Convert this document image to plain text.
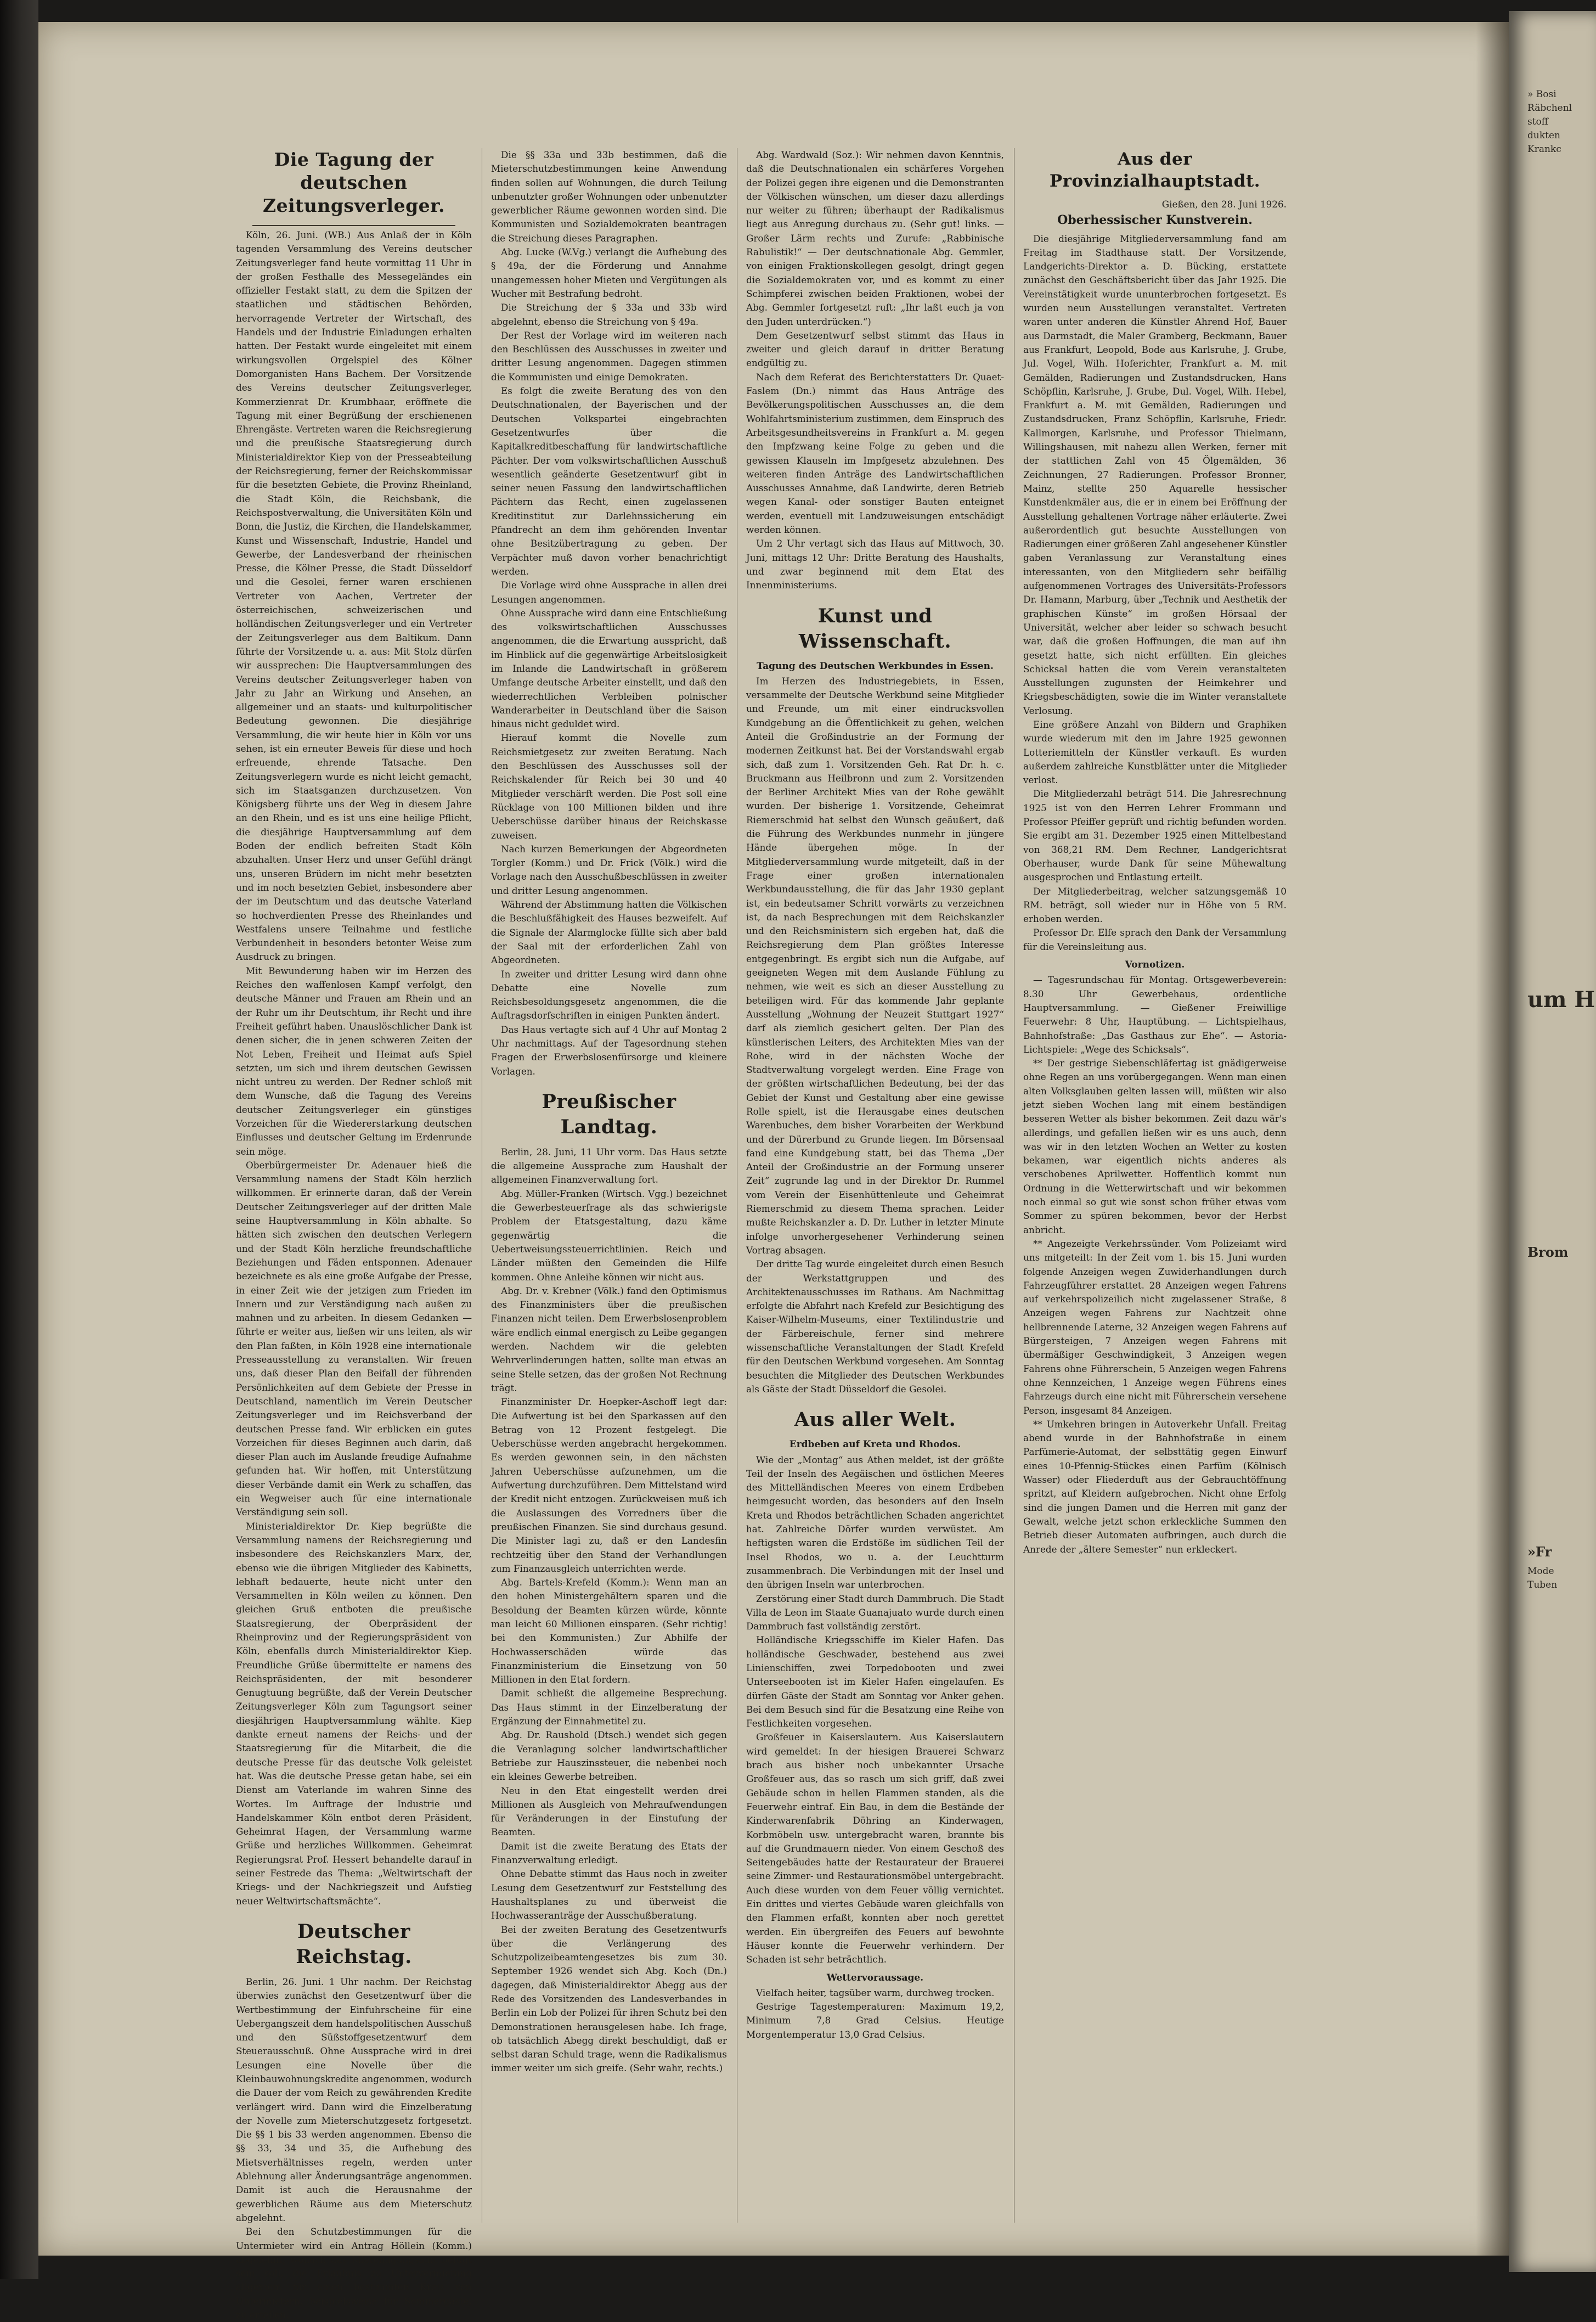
Die Tagung der deutschen Zeitungsverleger.

Köln, 26. Juni. (WB.) Aus Anlaß der in Köln tagenden Versammlung des Vereins deutscher Zeitungsverleger fand heute vormittag 11 Uhr in der großen Festhalle des Messegeländes ein offizieller Festakt statt, zu dem die Spitzen der staatlichen und städtischen Behörden, hervorragende Vertreter der Wirtschaft, des Handels und der Industrie Einladungen erhalten hatten. Der Festakt wurde eingeleitet mit einem wirkungsvollen Orgelspiel des Kölner Domorganisten Hans Bachem. Der Vorsitzende des Vereins deutscher Zeitungsverleger, Kommerzienrat Dr. Krumbhaar, eröffnete die Tagung mit einer Begrüßung der erschienenen Ehrengäste. Vertreten waren die Reichsregierung und die preußische Staatsregierung durch Ministerialdirektor Kiep von der Presseabteilung der Reichsregierung, ferner der Reichskommissar für die besetzten Gebiete, die Provinz Rheinland, die Stadt Köln, die Reichsbank, die Reichspostverwaltung, die Universitäten Köln und Bonn, die Justiz, die Kirchen, die Handelskammer, Kunst und Wissenschaft, Industrie, Handel und Gewerbe, der Landesverband der rheinischen Presse, die Kölner Presse, die Stadt Düsseldorf und die Gesolei, ferner waren erschienen Vertreter von Aachen, Vertreter der österreichischen, schweizerischen und holländischen Zeitungsverleger und ein Vertreter der Zeitungsverleger aus dem Baltikum. Dann führte der Vorsitzende u. a. aus: Mit Stolz dürfen wir aussprechen: Die Hauptversammlungen des Vereins deutscher Zeitungsverleger haben von Jahr zu Jahr an Wirkung und Ansehen, an allgemeiner und an staats- und kulturpolitischer Bedeutung gewonnen. Die diesjährige Versammlung, die wir heute hier in Köln vor uns sehen, ist ein erneuter Beweis für diese und hoch erfreuende, ehrende Tatsache. Den Zeitungsverlegern wurde es nicht leicht gemacht, sich im Staatsganzen durchzusetzen. Von Königsberg führte uns der Weg in diesem Jahre an den Rhein, und es ist uns eine heilige Pflicht, die diesjährige Hauptversammlung auf dem Boden der endlich befreiten Stadt Köln abzuhalten. Unser Herz und unser Gefühl drängt uns, unseren Brüdern im nicht mehr besetzten und im noch besetzten Gebiet, insbesondere aber der im Deutschtum und das deutsche Vaterland so hochverdienten Presse des Rheinlandes und Westfalens unsere Teilnahme und festliche Verbundenheit in besonders betonter Weise zum Ausdruck zu bringen.

Mit Bewunderung haben wir im Herzen des Reiches den waffenlosen Kampf verfolgt, den deutsche Männer und Frauen am Rhein und an der Ruhr um ihr Deutschtum, ihr Recht und ihre Freiheit geführt haben. Unauslöschlicher Dank ist denen sicher, die in jenen schweren Zeiten der Not Leben, Freiheit und Heimat aufs Spiel setzten, um sich und ihrem deutschen Gewissen nicht untreu zu werden. Der Redner schloß mit dem Wunsche, daß die Tagung des Vereins deutscher Zeitungsverleger ein günstiges Vorzeichen für die Wiedererstarkung deutschen Einflusses und deutscher Geltung im Erdenrunde sein möge.

Oberbürgermeister Dr. Adenauer hieß die Versammlung namens der Stadt Köln herzlich willkommen. Er erinnerte daran, daß der Verein Deutscher Zeitungsverleger auf der dritten Male seine Hauptversammlung in Köln abhalte. So hätten sich zwischen den deutschen Verlegern und der Stadt Köln herzliche freundschaftliche Beziehungen und Fäden entsponnen. Adenauer bezeichnete es als eine große Aufgabe der Presse, in einer Zeit wie der jetzigen zum Frieden im Innern und zur Verständigung nach außen zu mahnen und zu arbeiten. In diesem Gedanken — führte er weiter aus, ließen wir uns leiten, als wir den Plan faßten, in Köln 1928 eine internationale Presseausstellung zu veranstalten. Wir freuen uns, daß dieser Plan den Beifall der führenden Persönlichkeiten auf dem Gebiete der Presse in Deutschland, namentlich im Verein Deutscher Zeitungsverleger und im Reichsverband der deutschen Presse fand. Wir erblicken ein gutes Vorzeichen für dieses Beginnen auch darin, daß dieser Plan auch im Auslande freudige Aufnahme gefunden hat. Wir hoffen, mit Unterstützung dieser Verbände damit ein Werk zu schaffen, das ein Wegweiser auch für eine internationale Verständigung sein soll.

Ministerialdirektor Dr. Kiep begrüßte die Versammlung namens der Reichsregierung und insbesondere des Reichskanzlers Marx, der, ebenso wie die übrigen Mitglieder des Kabinetts, lebhaft bedauerte, heute nicht unter den Versammelten in Köln weilen zu können. Den gleichen Gruß entboten die preußische Staatsregierung, der Oberpräsident der Rheinprovinz und der Regierungspräsident von Köln, ebenfalls durch Ministerialdirektor Kiep. Freundliche Grüße übermittelte er namens des Reichspräsidenten, der mit besonderer Genugtuung begrüßte, daß der Verein Deutscher Zeitungsverleger Köln zum Tagungsort seiner diesjährigen Hauptversammlung wählte. Kiep dankte erneut namens der Reichs- und der Staatsregierung für die Mitarbeit, die die deutsche Presse für das deutsche Volk geleistet hat. Was die deutsche Presse getan habe, sei ein Dienst am Vaterlande im wahren Sinne des Wortes. Im Auftrage der Industrie und Handelskammer Köln entbot deren Präsident, Geheimrat Hagen, der Versammlung warme Grüße und herzliches Willkommen. Geheimrat Regierungsrat Prof. Hessert behandelte darauf in seiner Festrede das Thema: „Weltwirtschaft der Kriegs- und der Nachkriegszeit und Aufstieg neuer Weltwirtschaftsmächte“.

Deutscher Reichstag.

Berlin, 26. Juni. 1 Uhr nachm. Der Reichstag überwies zunächst den Gesetzentwurf über die Wertbestimmung der Einfuhrscheine für eine Uebergangszeit dem handelspolitischen Ausschuß und den Süßstoffgesetzentwurf dem Steuerausschuß. Ohne Aussprache wird in drei Lesungen eine Novelle über die Kleinbauwohnungskredite angenommen, wodurch die Dauer der vom Reich zu gewährenden Kredite verlängert wird. Dann wird die Einzelberatung der Novelle zum Mieterschutzgesetz fortgesetzt. Die §§ 1 bis 33 werden angenommen. Ebenso die §§ 33, 34 und 35, die Aufhebung des Mietsverhältnisses regeln, werden unter Ablehnung aller Änderungsanträge angenommen. Damit ist auch die Herausnahme der gewerblichen Räume aus dem Mieterschutz abgelehnt.

Bei den Schutzbestimmungen für die Untermieter wird ein Antrag Höllein (Komm.) abgelehnt, wonach das Mieteinigungsamt befugt sein soll, die Erlaubnis zu Untervermietung allgemein für einen bestimmten Kreis von Untermietern, beispielsweise für Sommergäste, zu erteilen.

Die §§ 33a und 33b bestimmen, daß die Mieterschutzbestimmungen keine Anwendung finden sollen auf Wohnungen, die durch Teilung unbenutzter großer Wohnungen oder unbenutzter gewerblicher Räume gewonnen worden sind. Die Kommunisten und Sozialdemokraten beantragen die Streichung dieses Paragraphen.

Abg. Lucke (W.Vg.) verlangt die Aufhebung des § 49a, der die Förderung und Annahme unangemessen hoher Mieten und Vergütungen als Wucher mit Bestrafung bedroht.

Die Streichung der § 33a und 33b wird abgelehnt, ebenso die Streichung von § 49a.

Der Rest der Vorlage wird im weiteren nach den Beschlüssen des Ausschusses in zweiter und dritter Lesung angenommen. Dagegen stimmen die Kommunisten und einige Demokraten.

Es folgt die zweite Beratung des von den Deutschnationalen, der Bayerischen und der Deutschen Volkspartei eingebrachten Gesetzentwurfes über die Kapitalkreditbeschaffung für landwirtschaftliche Pächter. Der vom volkswirtschaftlichen Ausschuß wesentlich geänderte Gesetzentwurf gibt in seiner neuen Fassung den landwirtschaftlichen Pächtern das Recht, einen zugelassenen Kreditinstitut zur Darlehnssicherung ein Pfandrecht an dem ihm gehörenden Inventar ohne Besitzübertragung zu geben. Der Verpächter muß davon vorher benachrichtigt werden.

Die Vorlage wird ohne Aussprache in allen drei Lesungen angenommen.

Ohne Aussprache wird dann eine Entschließung des volkswirtschaftlichen Ausschusses angenommen, die die Erwartung ausspricht, daß im Hinblick auf die gegenwärtige Arbeitslosigkeit im Inlande die Landwirtschaft in größerem Umfange deutsche Arbeiter einstellt, und daß den wiederrechtlichen Verbleiben polnischer Wanderarbeiter in Deutschland über die Saison hinaus nicht geduldet wird.

Hierauf kommt die Novelle zum Reichsmietgesetz zur zweiten Beratung. Nach den Beschlüssen des Ausschusses soll der Reichskalender für Reich bei 30 und 40 Mitglieder verschärft werden. Die Post soll eine Rücklage von 100 Millionen bilden und ihre Ueberschüsse darüber hinaus der Reichskasse zuweisen.

Nach kurzen Bemerkungen der Abgeordneten Torgler (Komm.) und Dr. Frick (Völk.) wird die Vorlage nach den Ausschußbeschlüssen in zweiter und dritter Lesung angenommen.

Während der Abstimmung hatten die Völkischen die Beschlußfähigkeit des Hauses bezweifelt. Auf die Signale der Alarmglocke füllte sich aber bald der Saal mit der erforderlichen Zahl von Abgeordneten.

In zweiter und dritter Lesung wird dann ohne Debatte eine Novelle zum Reichsbesoldungsgesetz angenommen, die die Auftragsdorfschriften in einigen Punkten ändert.

Das Haus vertagte sich auf 4 Uhr auf Montag 2 Uhr nachmittags. Auf der Tagesordnung stehen Fragen der Erwerbslosenfürsorge und kleinere Vorlagen.

Preußischer Landtag.

Berlin, 28. Juni, 11 Uhr vorm. Das Haus setzte die allgemeine Aussprache zum Haushalt der allgemeinen Finanzverwaltung fort.

Abg. Müller-Franken (Wirtsch. Vgg.) bezeichnet die Gewerbesteuerfrage als das schwierigste Problem der Etatsgestaltung, dazu käme gegenwärtig die Uebertweisungssteuerrichtlinien. Reich und Länder müßten den Gemeinden die Hilfe kommen. Ohne Anleihe können wir nicht aus.

Abg. Dr. v. Krebner (Völk.) fand den Optimismus des Finanzministers über die preußischen Finanzen nicht teilen. Dem Erwerbslosenproblem wäre endlich einmal energisch zu Leibe gegangen werden. Nachdem wir die gelebten Wehrverlinderungen hatten, sollte man etwas an seine Stelle setzen, das der großen Not Rechnung trägt.

Finanzminister Dr. Hoepker-Aschoff legt dar: Die Aufwertung ist bei den Sparkassen auf den Betrag von 12 Prozent festgelegt. Die Ueberschüsse werden angebracht hergekommen. Es werden gewonnen sein, in den nächsten Jahren Ueberschüsse aufzunehmen, um die Aufwertung durchzuführen. Dem Mittelstand wird der Kredit nicht entzogen. Zurückweisen muß ich die Auslassungen des Vorredners über die preußischen Finanzen. Sie sind durchaus gesund. Die Minister lagi zu, daß er den Landesfin rechtzeitig über den Stand der Verhandlungen zum Finanzausgleich unterrichten werde.

Abg. Bartels-Krefeld (Komm.): Wenn man an den hohen Ministergehältern sparen und die Besoldung der Beamten kürzen würde, könnte man leicht 60 Millionen einsparen. (Sehr richtig! bei den Kommunisten.) Zur Abhilfe der Hochwasserschäden würde das Finanzministerium die Einsetzung von 50 Millionen in den Etat fordern.

Damit schließt die allgemeine Besprechung. Das Haus stimmt in der Einzelberatung der Ergänzung der Einnahmetitel zu.

Abg. Dr. Raushold (Dtsch.) wendet sich gegen die Veranlagung solcher landwirtschaftlicher Betriebe zur Hauszinssteuer, die nebenbei noch ein kleines Gewerbe betreiben.

Neu in den Etat eingestellt werden drei Millionen als Ausgleich von Mehraufwendungen für Veränderungen in der Einstufung der Beamten.

Damit ist die zweite Beratung des Etats der Finanzverwaltung erledigt.

Ohne Debatte stimmt das Haus noch in zweiter Lesung dem Gesetzentwurf zur Feststellung des Haushaltsplanes zu und überweist die Hochwasseranträge der Ausschußberatung.

Bei der zweiten Beratung des Gesetzentwurfs über die Verlängerung des Schutzpolizeibeamtengesetzes bis zum 30. September 1926 wendet sich Abg. Koch (Dn.) dagegen, daß Ministerialdirektor Abegg aus der Rede des Vorsitzenden des Landesverbandes in Berlin ein Lob der Polizei für ihren Schutz bei den Demonstrationen herausgelesen habe. Ich frage, ob tatsächlich Abegg direkt beschuldigt, daß er selbst daran Schuld trage, wenn die Radikalismus immer weiter um sich greife. (Sehr wahr, rechts.)

Abg. Wardwald (Soz.): Wir nehmen davon Kenntnis, daß die Deutschnationalen ein schärferes Vorgehen der Polizei gegen ihre eigenen und die Demonstranten der Völkischen wünschen, um dieser dazu allerdings nur weiter zu führen; überhaupt der Radikalismus liegt aus Anregung durchaus zu. (Sehr gut! links. — Großer Lärm rechts und Zurufe: „Rabbinische Rabulistik!“ — Der deutschnationale Abg. Gemmler, von einigen Fraktionskollegen gesolgt, dringt gegen die Sozialdemokraten vor, und es kommt zu einer Schimpferei zwischen beiden Fraktionen, wobei der Abg. Gemmler fortgesetzt ruft: „Ihr laßt euch ja von den Juden unterdrücken.“)

Dem Gesetzentwurf selbst stimmt das Haus in zweiter und gleich darauf in dritter Beratung endgültig zu.

Nach dem Referat des Berichterstatters Dr. Quaet-Faslem (Dn.) nimmt das Haus Anträge des Bevölkerungspolitischen Ausschusses an, die dem Wohlfahrtsministerium zustimmen, dem Einspruch des Arbeitsgesundheitsvereins in Frankfurt a. M. gegen den Impfzwang keine Folge zu geben und die gewissen Klauseln im Impfgesetz abzulehnen. Des weiteren finden Anträge des Landwirtschaftlichen Ausschusses Annahme, daß Landwirte, deren Betrieb wegen Kanal- oder sonstiger Bauten enteignet werden, eventuell mit Landzuweisungen entschädigt werden können.

Um 2 Uhr vertagt sich das Haus auf Mittwoch, 30. Juni, mittags 12 Uhr: Dritte Beratung des Haushalts, und zwar beginnend mit dem Etat des Innenministeriums.

Kunst und Wissenschaft.
Tagung des Deutschen Werkbundes in Essen.

Im Herzen des Industriegebiets, in Essen, versammelte der Deutsche Werkbund seine Mitglieder und Freunde, um mit einer eindrucksvollen Kundgebung an die Öffentlichkeit zu gehen, welchen Anteil die Großindustrie an der Formung der modernen Zeitkunst hat. Bei der Vorstandswahl ergab sich, daß zum 1. Vorsitzenden Geh. Rat Dr. h. c. Bruckmann aus Heilbronn und zum 2. Vorsitzenden der Berliner Architekt Mies van der Rohe gewählt wurden. Der bisherige 1. Vorsitzende, Geheimrat Riemerschmid hat selbst den Wunsch geäußert, daß die Führung des Werkbundes nunmehr in jüngere Hände übergehen möge. In der Mitgliederversammlung wurde mitgeteilt, daß in der Frage einer großen internationalen Werkbundausstellung, die für das Jahr 1930 geplant ist, ein bedeutsamer Schritt vorwärts zu verzeichnen ist, da nach Besprechungen mit dem Reichskanzler und den Reichsministern sich ergeben hat, daß die Reichsregierung dem Plan größtes Interesse entgegenbringt. Es ergibt sich nun die Aufgabe, auf geeigneten Wegen mit dem Auslande Fühlung zu nehmen, wie weit es sich an dieser Ausstellung zu beteiligen wird. Für das kommende Jahr geplante Ausstellung „Wohnung der Neuzeit Stuttgart 1927“ darf als ziemlich gesichert gelten. Der Plan des künstlerischen Leiters, des Architekten Mies van der Rohe, wird in der nächsten Woche der Stadtverwaltung vorgelegt werden. Eine Frage von der größten wirtschaftlichen Bedeutung, bei der das Gebiet der Kunst und Gestaltung aber eine gewisse Rolle spielt, ist die Herausgabe eines deutschen Warenbuches, dem bisher Vorarbeiten der Werkbund und der Dürerbund zu Grunde liegen. Im Börsensaal fand eine Kundgebung statt, bei das Thema „Der Anteil der Großindustrie an der Formung unserer Zeit“ zugrunde lag und in der Direktor Dr. Rummel vom Verein der Eisenhüttenleute und Geheimrat Riemerschmid zu diesem Thema sprachen. Leider mußte Reichskanzler a. D. Dr. Luther in letzter Minute infolge unvorhergesehener Verhinderung seinen Vortrag absagen.

Der dritte Tag wurde eingeleitet durch einen Besuch der Werkstattgruppen und des Architektenausschusses im Rathaus. Am Nachmittag erfolgte die Abfahrt nach Krefeld zur Besichtigung des Kaiser-Wilhelm-Museums, einer Textilindustrie und der Färbereischule, ferner sind mehrere wissenschaftliche Veranstaltungen der Stadt Krefeld für den Deutschen Werkbund vorgesehen. Am Sonntag besuchten die Mitglieder des Deutschen Werkbundes als Gäste der Stadt Düsseldorf die Gesolei.

Aus aller Welt.
Erdbeben auf Kreta und Rhodos.

Wie der „Montag“ aus Athen meldet, ist der größte Teil der Inseln des Aegäischen und östlichen Meeres des Mittelländischen Meeres von einem Erdbeben heimgesucht worden, das besonders auf den Inseln Kreta und Rhodos beträchtlichen Schaden angerichtet hat. Zahlreiche Dörfer wurden verwüstet. Am heftigsten waren die Erdstöße im südlichen Teil der Insel Rhodos, wo u. a. der Leuchtturm zusammenbrach. Die Verbindungen mit der Insel und den übrigen Inseln war unterbrochen.

Zerstörung einer Stadt durch Dammbruch. Die Stadt Villa de Leon im Staate Guanajuato wurde durch einen Dammbruch fast vollständig zerstört.

Holländische Kriegsschiffe im Kieler Hafen. Das holländische Geschwader, bestehend aus zwei Linienschiffen, zwei Torpedobooten und zwei Unterseebooten ist im Kieler Hafen eingelaufen. Es dürfen Gäste der Stadt am Sonntag vor Anker gehen. Bei dem Besuch sind für die Besatzung eine Reihe von Festlichkeiten vorgesehen.

Großfeuer in Kaiserslautern. Aus Kaiserslautern wird gemeldet: In der hiesigen Brauerei Schwarz brach aus bisher noch unbekannter Ursache Großfeuer aus, das so rasch um sich griff, daß zwei Gebäude schon in hellen Flammen standen, als die Feuerwehr eintraf. Ein Bau, in dem die Bestände der Kinderwarenfabrik Döhring an Kinderwagen, Korbmöbeln usw. untergebracht waren, brannte bis auf die Grundmauern nieder. Von einem Geschoß des Seitengebäudes hatte der Restaurateur der Brauerei seine Zimmer- und Restaurationsmöbel untergebracht. Auch diese wurden von dem Feuer völlig vernichtet. Ein drittes und viertes Gebäude waren gleichfalls von den Flammen erfaßt, konnten aber noch gerettet werden. Ein übergreifen des Feuers auf bewohnte Häuser konnte die Feuerwehr verhindern. Der Schaden ist sehr beträchtlich.

Wettervoraussage.

Vielfach heiter, tagsüber warm, durchweg trocken.

Gestrige Tagestemperaturen: Maximum 19,2, Minimum 7,8 Grad Celsius. Heutige Morgentemperatur 13,0 Grad Celsius.

Aus der Provinzialhauptstadt.
Gießen, den 28. Juni 1926.
Oberhessischer Kunstverein.

Die diesjährige Mitgliederversammlung fand am Freitag im Stadthause statt. Der Vorsitzende, Landgerichts-Direktor a. D. Bücking, erstattete zunächst den Geschäftsbericht über das Jahr 1925. Die Vereinstätigkeit wurde ununterbrochen fortgesetzt. Es wurden neun Ausstellungen veranstaltet. Vertreten waren unter anderen die Künstler Ahrend Hof, Bauer aus Darmstadt, die Maler Gramberg, Beckmann, Bauer aus Frankfurt, Leopold, Bode aus Karlsruhe, J. Grube, Jul. Vogel, Wilh. Hoferichter, Frankfurt a. M. mit Gemälden, Radierungen und Zustandsdrucken, Hans Schöpflin, Karlsruhe, J. Grube, Dul. Vogel, Wilh. Hebel, Frankfurt a. M. mit Gemälden, Radierungen und Zustandsdrucken, Franz Schöpflin, Karlsruhe, Friedr. Kallmorgen, Karlsruhe, und Professor Thielmann, Willingshausen, mit nahezu allen Werken, ferner mit der stattlichen Zahl von 45 Ölgemälden, 36 Zeichnungen, 27 Radierungen. Professor Bronner, Mainz, stellte 250 Aquarelle hessischer Kunstdenkmäler aus, die er in einem bei Eröffnung der Ausstellung gehaltenen Vortrage näher erläuterte. Zwei außerordentlich gut besuchte Ausstellungen von Radierungen einer größeren Zahl angesehener Künstler gaben Veranlassung zur Veranstaltung eines interessanten, von den Mitgliedern sehr beifällig aufgenommenen Vortrages des Universitäts-Professors Dr. Hamann, Marburg, über „Technik und Aesthetik der graphischen Künste“ im großen Hörsaal der Universität, welcher aber leider so schwach besucht war, daß die großen Hoffnungen, die man auf ihn gesetzt hatte, sich nicht erfüllten. Ein gleiches Schicksal hatten die vom Verein veranstalteten Ausstellungen zugunsten der Heimkehrer und Kriegsbeschädigten, sowie die im Winter veranstaltete Verlosung.

Eine größere Anzahl von Bildern und Graphiken wurde wiederum mit den im Jahre 1925 gewonnen Lotteriemitteln der Künstler verkauft. Es wurden außerdem zahlreiche Kunstblätter unter die Mitglieder verlost.

Die Mitgliederzahl beträgt 514. Die Jahresrechnung 1925 ist von den Herren Lehrer Frommann und Professor Pfeiffer geprüft und richtig befunden worden. Sie ergibt am 31. Dezember 1925 einen Mittelbestand von 368,21 RM. Dem Rechner, Landgerichtsrat Oberhauser, wurde Dank für seine Mühewaltung ausgesprochen und Entlastung erteilt.

Der Mitgliederbeitrag, welcher satzungsgemäß 10 RM. beträgt, soll wieder nur in Höhe von 5 RM. erhoben werden.

Professor Dr. Elfe sprach den Dank der Versammlung für die Vereinsleitung aus.

Vornotizen.

— Tagesrundschau für Montag. Ortsgewerbeverein: 8.30 Uhr Gewerbehaus, ordentliche Hauptversammlung. — Gießener Freiwillige Feuerwehr: 8 Uhr, Hauptübung. — Lichtspielhaus, Bahnhofstraße: „Das Gasthaus zur Ehe“. — Astoria-Lichtspiele: „Wege des Schicksals“.

** Der gestrige Siebenschläfertag ist gnädigerweise ohne Regen an uns vorübergegangen. Wenn man einen alten Volksglauben gelten lassen will, müßten wir also jetzt sieben Wochen lang mit einem beständigen besseren Wetter als bisher bekommen. Zeit dazu wär's allerdings, und gefallen ließen wir es uns auch, denn was wir in den letzten Wochen an Wetter zu kosten bekamen, war eigentlich nichts anderes als verschobenes Aprilwetter. Hoffentlich kommt nun Ordnung in die Wetterwirtschaft und wir bekommen noch einmal so gut wie sonst schon früher etwas vom Sommer zu spüren bekommen, bevor der Herbst anbricht.

** Angezeigte Verkehrssünder. Vom Polizeiamt wird uns mitgeteilt: In der Zeit vom 1. bis 15. Juni wurden folgende Anzeigen wegen Zuwiderhandlungen durch Fahrzeugführer erstattet. 28 Anzeigen wegen Fahrens auf verkehrspolizeilich nicht zugelassener Straße, 8 Anzeigen wegen Fahrens zur Nachtzeit ohne hellbrennende Laterne, 32 Anzeigen wegen Fahrens auf Bürgersteigen, 7 Anzeigen wegen Fahrens mit übermäßiger Geschwindigkeit, 3 Anzeigen wegen Fahrens ohne Führerschein, 5 Anzeigen wegen Fahrens ohne Kennzeichen, 1 Anzeige wegen Führens eines Fahrzeugs durch eine nicht mit Führerschein versehene Person, insgesamt 84 Anzeigen.

** Umkehren bringen in Autoverkehr Unfall. Freitag abend wurde in der Bahnhofstraße in einem Parfümerie-Automat, der selbsttätig gegen Einwurf eines 10-Pfennig-Stückes einen Parfüm (Kölnisch Wasser) oder Fliederduft aus der Gebrauchtöffnung spritzt, auf Kleidern aufgebrochen. Nicht ohne Erfolg sind die jungen Damen und die Herren mit ganz der Gewalt, welche jetzt schon erkleckliche Summen den Betrieb dieser Automaten aufbringen, auch durch die Anrede der „ältere Semester“ nun erkleckert.

» Bosi
Räbchenl
stoff
dukten
Krankc
um H
Brom
»Fr
Mode
Tuben
